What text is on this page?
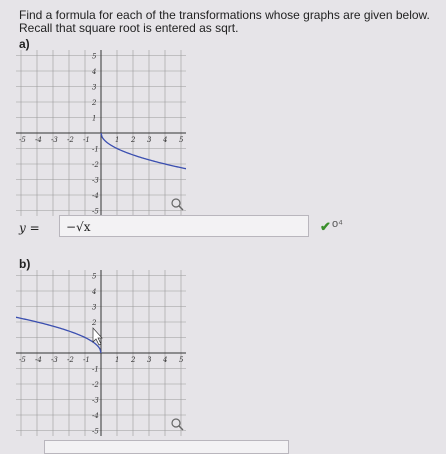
Find a formula for each of the transformations whose graphs are given below.
Recall that square root is entered as sqrt.
a)
-5 -4 -3 -2 -1	1 2 3 4 5
5
4
3
2
1
-1
-2
-3
-4
-5
y = −√x	✔ o⁴
b)
-5 -4 -3 -2 -1	1 2 3 4 5
5
4
3
2
-1
-2
-3
-4
-5
